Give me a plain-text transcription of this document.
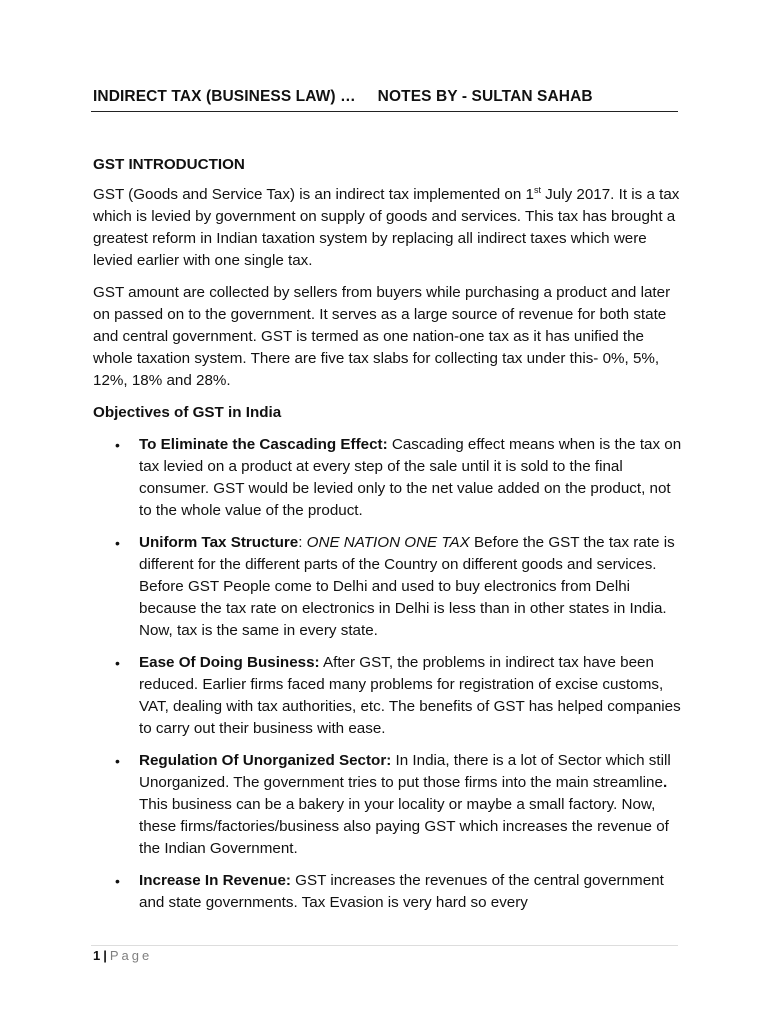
INDIRECT TAX (BUSINESS LAW) … NOTES BY - SULTAN SAHAB
GST INTRODUCTION

GST (Goods and Service Tax) is an indirect tax implemented on 1st July 2017. It is a tax which is levied by government on supply of goods and services. This tax has brought a greatest reform in Indian taxation system by replacing all indirect taxes which were levied earlier with one single tax.

GST amount are collected by sellers from buyers while purchasing a product and later on passed on to the government. It serves as a large source of revenue for both state and central government. GST is termed as one nation-one tax as it has unified the whole taxation system. There are five tax slabs for collecting tax under this- 0%, 5%, 12%, 18% and 28%.

Objectives of GST in India
• To Eliminate the Cascading Effect: Cascading effect means when is the tax on tax levied on a product at every step of the sale until it is sold to the final consumer. GST would be levied only to the net value added on the product, not to the whole value of the product.
• Uniform Tax Structure: ONE NATION ONE TAX Before the GST the tax rate is different for the different parts of the Country on different goods and services. Before GST People come to Delhi and used to buy electronics from Delhi because the tax rate on electronics in Delhi is less than in other states in India. Now, tax is the same in every state.
• Ease Of Doing Business: After GST, the problems in indirect tax have been reduced. Earlier firms faced many problems for registration of excise customs, VAT, dealing with tax authorities, etc. The benefits of GST has helped companies to carry out their business with ease.
• Regulation Of Unorganized Sector: In India, there is a lot of Sector which still Unorganized. The government tries to put those firms into the main streamline. This business can be a bakery in your locality or maybe a small factory. Now, these firms/factories/business also paying GST which increases the revenue of the Indian Government.
• Increase In Revenue: GST increases the revenues of the central government and state governments. Tax Evasion is very hard so every
1 | Page
